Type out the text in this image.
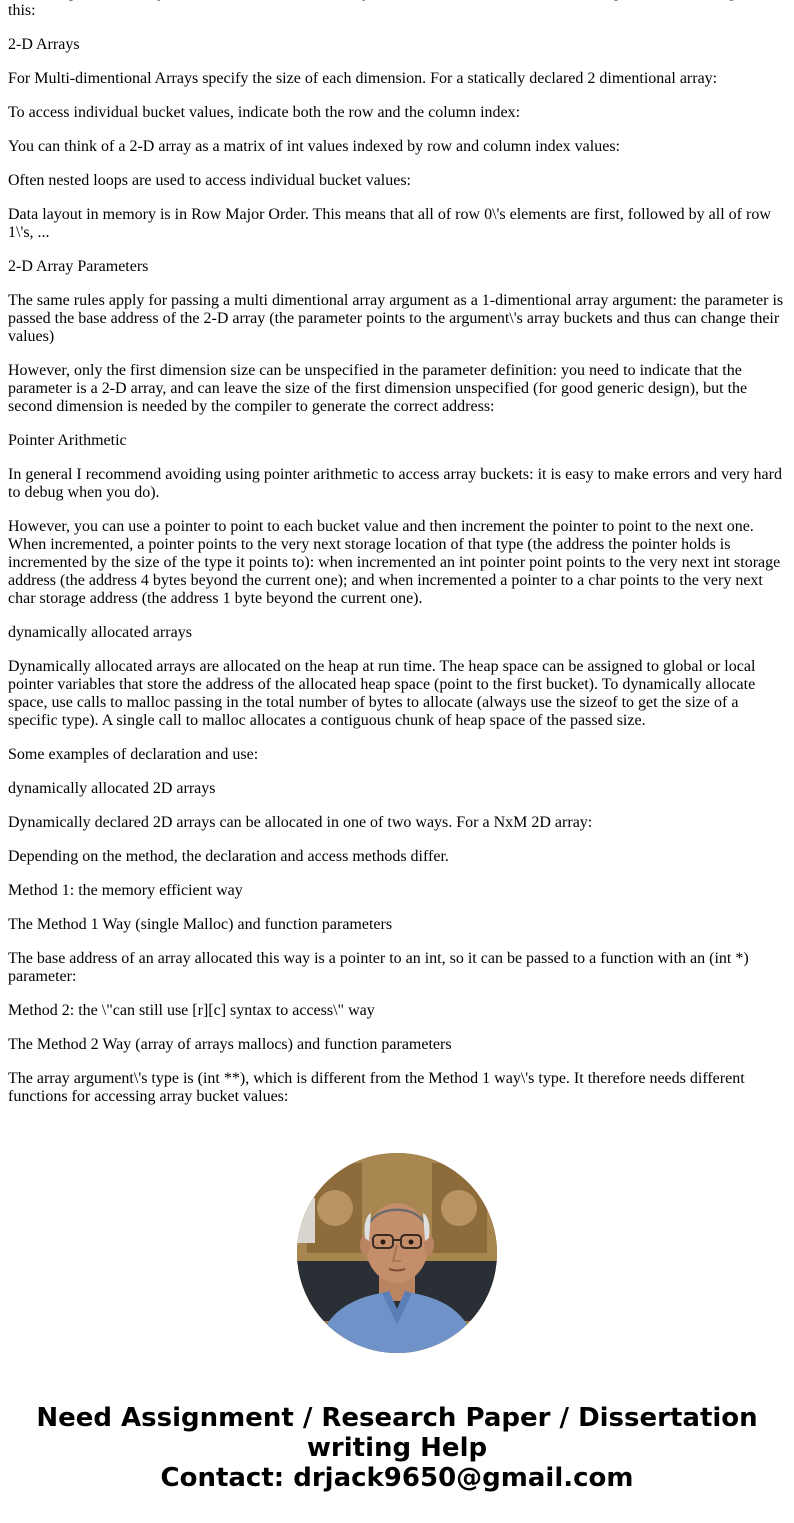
this:

2-D Arrays

For Multi-dimentional Arrays specify the size of each dimension. For a statically declared 2 dimentional array:

To access individual bucket values, indicate both the row and the column index:

You can think of a 2-D array as a matrix of int values indexed by row and column index values:

Often nested loops are used to access individual bucket values:

Data layout in memory is in Row Major Order. This means that all of row 0\'s elements are first, followed by all of row 1\'s, ...

2-D Array Parameters

The same rules apply for passing a multi dimentional array argument as a 1-dimentional array argument: the parameter is passed the base address of the 2-D array (the parameter points to the argument\'s array buckets and thus can change their values)

However, only the first dimension size can be unspecified in the parameter definition: you need to indicate that the parameter is a 2-D array, and can leave the size of the first dimension unspecified (for good generic design), but the second dimension is needed by the compiler to generate the correct address:

Pointer Arithmetic

In general I recommend avoiding using pointer arithmetic to access array buckets: it is easy to make errors and very hard to debug when you do).

However, you can use a pointer to point to each bucket value and then increment the pointer to point to the next one. When incremented, a pointer points to the very next storage location of that type (the address the pointer holds is incremented by the size of the type it points to): when incremented an int pointer point points to the very next int storage address (the address 4 bytes beyond the current one); and when incremented a pointer to a char points to the very next char storage address (the address 1 byte beyond the current one).

dynamically allocated arrays

Dynamically allocated arrays are allocated on the heap at run time. The heap space can be assigned to global or local pointer variables that store the address of the allocated heap space (point to the first bucket). To dynamically allocate space, use calls to malloc passing in the total number of bytes to allocate (always use the sizeof to get the size of a specific type). A single call to malloc allocates a contiguous chunk of heap space of the passed size.

Some examples of declaration and use:

dynamically allocated 2D arrays

Dynamically declared 2D arrays can be allocated in one of two ways. For a NxM 2D array:

Depending on the method, the declaration and access methods differ.

Method 1: the memory efficient way

The Method 1 Way (single Malloc) and function parameters

The base address of an array allocated this way is a pointer to an int, so it can be passed to a function with an (int *) parameter:

Method 2: the \"can still use [r][c] syntax to access\" way

The Method 2 Way (array of arrays mallocs) and function parameters

The array argument\'s type is (int **), which is different from the Method 1 way\'s type. It therefore needs different functions for accessing array bucket values:

Need Assignment / Research Paper / Dissertation
writing Help
Contact: drjack9650@gmail.com
